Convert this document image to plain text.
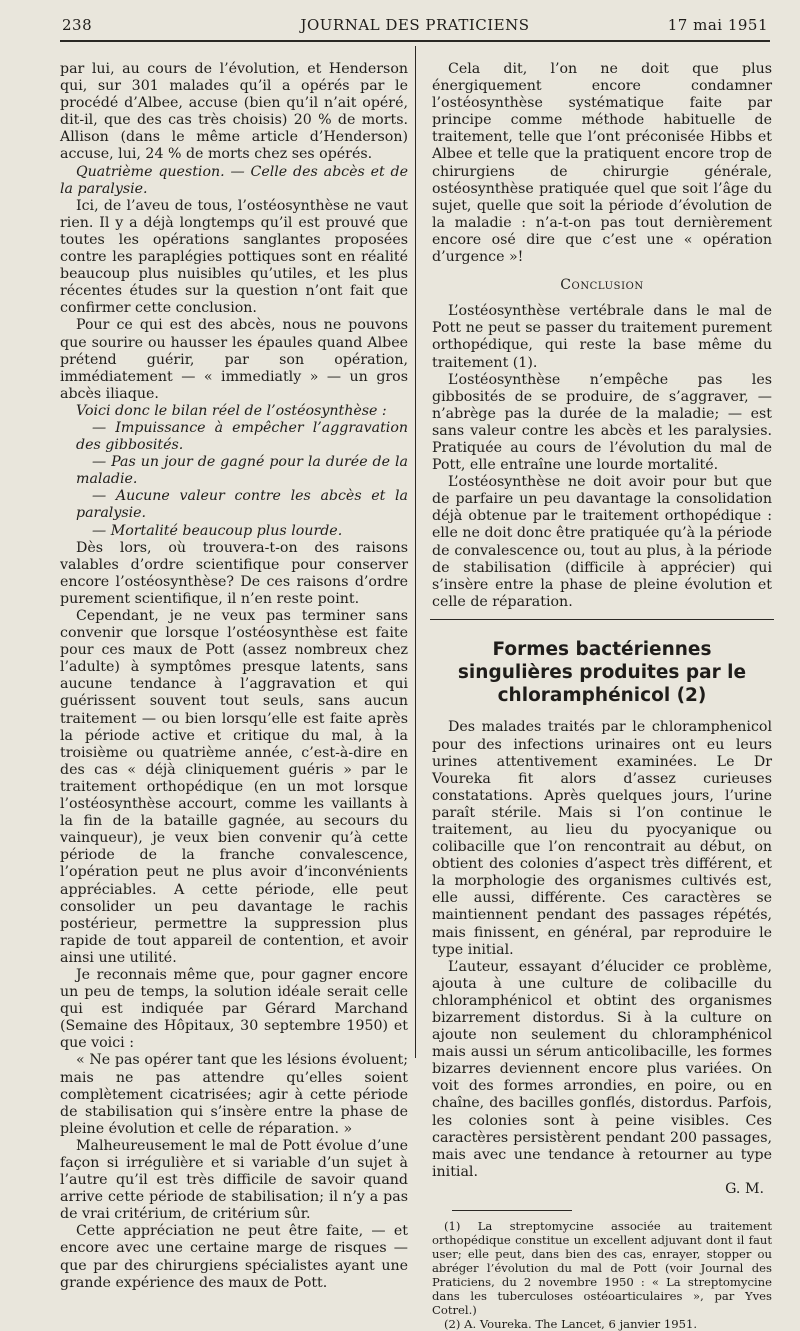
238	JOURNAL DES PRATICIENS	17 mai 1951

par lui, au cours de l’évolution, et Henderson qui, sur 301 malades qu’il a opérés par le procédé d’Albee, accuse (bien qu’il n’ait opéré, dit-il, que des cas très choisis) 20 % de morts. Allison (dans le même article d’Henderson) accuse, lui, 24 % de morts chez ses opérés.

Quatrième question. — Celle des abcès et de la paralysie.

Ici, de l’aveu de tous, l’ostéosynthèse ne vaut rien. Il y a déjà longtemps qu’il est prouvé que toutes les opérations sanglantes proposées contre les paraplégies pottiques sont en réalité beaucoup plus nuisibles qu’utiles, et les plus récentes études sur la question n’ont fait que confirmer cette conclusion.

Pour ce qui est des abcès, nous ne pouvons que sourire ou hausser les épaules quand Albee prétend guérir, par son opération, immédiatement — « immediatly » — un gros abcès iliaque.

Voici donc le bilan réel de l’ostéosynthèse :

— Impuissance à empêcher l’aggravation des gibbosités.

— Pas un jour de gagné pour la durée de la maladie.

— Aucune valeur contre les abcès et la paralysie.

— Mortalité beaucoup plus lourde.

Dès lors, où trouvera-t-on des raisons valables d’ordre scientifique pour conserver encore l’ostéosynthèse? De ces raisons d’ordre purement scientifique, il n’en reste point.

Cependant, je ne veux pas terminer sans convenir que lorsque l’ostéosynthèse est faite pour ces maux de Pott (assez nombreux chez l’adulte) à symptômes presque latents, sans aucune tendance à l’aggravation et qui guérissent souvent tout seuls, sans aucun traitement — ou bien lorsqu’elle est faite après la période active et critique du mal, à la troisième ou quatrième année, c’est-à-dire en des cas « déjà cliniquement guéris » par le traitement orthopédique (en un mot lorsque l’ostéosynthèse accourt, comme les vaillants à la fin de la bataille gagnée, au secours du vainqueur), je veux bien convenir qu’à cette période de la franche convalescence, l’opération peut ne plus avoir d’inconvénients appréciables. A cette période, elle peut consolider un peu davantage le rachis postérieur, permettre la suppression plus rapide de tout appareil de contention, et avoir ainsi une utilité.

Je reconnais même que, pour gagner encore un peu de temps, la solution idéale serait celle qui est indiquée par Gérard Marchand (Semaine des Hôpitaux, 30 septembre 1950) et que voici :

« Ne pas opérer tant que les lésions évoluent; mais ne pas attendre qu’elles soient complètement cicatrisées; agir à cette période de stabilisation qui s’insère entre la phase de pleine évolution et celle de réparation. »

Malheureusement le mal de Pott évolue d’une façon si irrégulière et si variable d’un sujet à l’autre qu’il est très difficile de savoir quand arrive cette période de stabilisation; il n’y a pas de vrai critérium, de critérium sûr.

Cette appréciation ne peut être faite, — et encore avec une certaine marge de risques — que par des chirurgiens spécialistes ayant une grande expérience des maux de Pott.

Cela dit, l’on ne doit que plus énergiquement encore condamner l’ostéosynthèse systématique faite par principe comme méthode habituelle de traitement, telle que l’ont préconisée Hibbs et Albee et telle que la pratiquent encore trop de chirurgiens de chirurgie générale, ostéosynthèse pratiquée quel que soit l’âge du sujet, quelle que soit la période d’évolution de la maladie : n’a-t-on pas tout dernièrement encore osé dire que c’est une « opération d’urgence »!

Conclusion

L’ostéosynthèse vertébrale dans le mal de Pott ne peut se passer du traitement purement orthopédique, qui reste la base même du traitement (1).

L’ostéosynthèse n’empêche pas les gibbosités de se produire, de s’aggraver, — n’abrège pas la durée de la maladie; — est sans valeur contre les abcès et les paralysies. Pratiquée au cours de l’évolution du mal de Pott, elle entraîne une lourde mortalité.

L’ostéosynthèse ne doit avoir pour but que de parfaire un peu davantage la consolidation déjà obtenue par le traitement orthopédique : elle ne doit donc être pratiquée qu’à la période de convalescence ou, tout au plus, à la période de stabilisation (difficile à apprécier) qui s’insère entre la phase de pleine évolution et celle de réparation.

Formes bactériennes singulières produites par le chloramphénicol (2)

Des malades traités par le chloramphenicol pour des infections urinaires ont eu leurs urines attentivement examinées. Le Dr Voureka fit alors d’assez curieuses constatations. Après quelques jours, l’urine paraît stérile. Mais si l’on continue le traitement, au lieu du pyocyanique ou colibacille que l’on rencontrait au début, on obtient des colonies d’aspect très différent, et la morphologie des organismes cultivés est, elle aussi, différente. Ces caractères se maintiennent pendant des passages répétés, mais finissent, en général, par reproduire le type initial.

L’auteur, essayant d’élucider ce problème, ajouta à une culture de colibacille du chloramphénicol et obtint des organismes bizarrement distordus. Si à la culture on ajoute non seulement du chloramphénicol mais aussi un sérum anticolibacille, les formes bizarres deviennent encore plus variées. On voit des formes arrondies, en poire, ou en chaîne, des bacilles gonflés, distordus. Parfois, les colonies sont à peine visibles. Ces caractères persistèrent pendant 200 passages, mais avec une tendance à retourner au type initial.

G. M.

(1) La streptomycine associée au traitement orthopédique constitue un excellent adjuvant dont il faut user; elle peut, dans bien des cas, enrayer, stopper ou abréger l’évolution du mal de Pott (voir Journal des Praticiens, du 2 novembre 1950 : « La streptomycine dans les tuberculoses ostéoarticulaires », par Yves Cotrel.)

(2) A. Voureka. The Lancet, 6 janvier 1951.
